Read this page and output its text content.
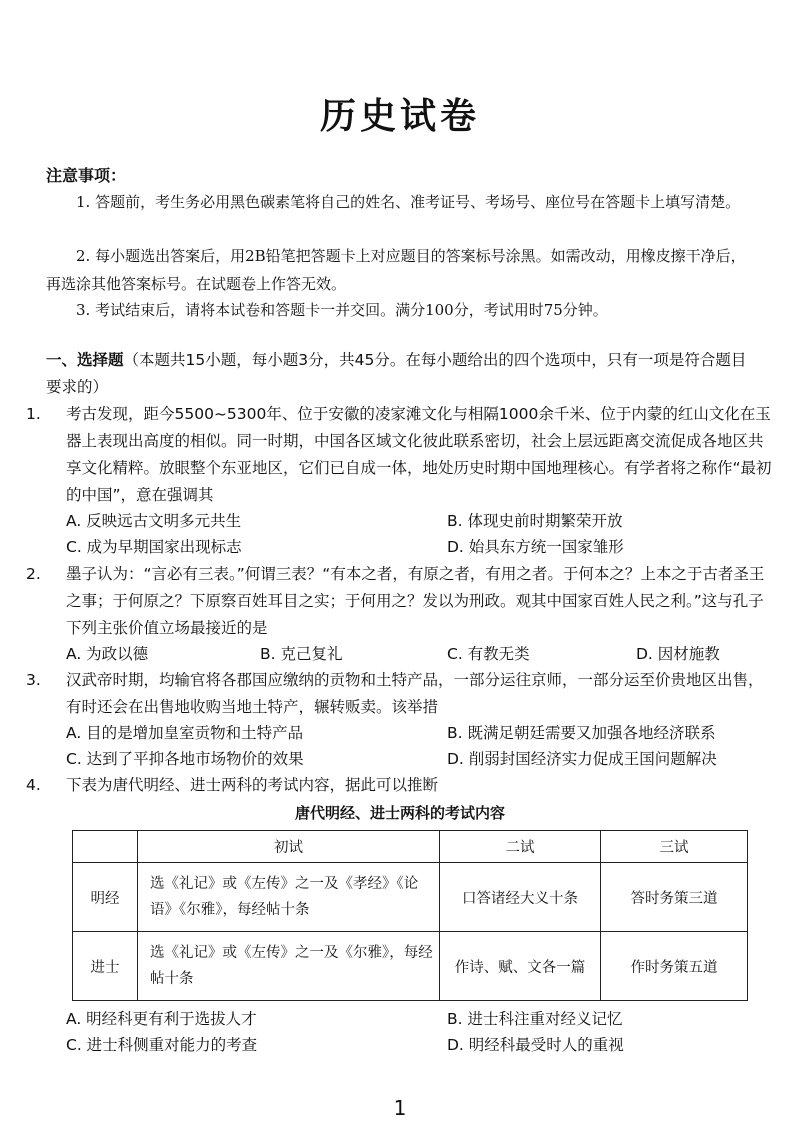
历史试卷
注意事项：
1. 答题前，考生务必用黑色碳素笔将自己的姓名、准考证号、考场号、座位号在答题卡上填写清楚。
2. 每小题选出答案后，用2B铅笔把答题卡上对应题目的答案标号涂黑。如需改动，用橡皮擦干净后，再选涂其他答案标号。在试题卷上作答无效。
3. 考试结束后，请将本试卷和答题卡一并交回。满分100分，考试用时75分钟。
一、选择题（本题共15小题，每小题3分，共45分。在每小题给出的四个选项中，只有一项是符合题目要求的）
1. 考古发现，距今5500~5300年、位于安徽的凌家滩文化与相隔1000余千米、位于内蒙的红山文化在玉器上表现出高度的相似。同一时期，中国各区域文化彼此联系密切，社会上层远距离交流促成各地区共享文化精粹。放眼整个东亚地区，它们已自成一体，地处历史时期中国地理核心。有学者将之称作“最初的中国”，意在强调其
A. 反映远古文明多元共生	B. 体现史前时期繁荣开放
C. 成为早期国家出现标志	D. 始具东方统一国家雏形
2. 墨子认为：“言必有三表。”何谓三表？“有本之者，有原之者，有用之者。于何本之？上本之于古者圣王之事；于何原之？下原察百姓耳目之实；于何用之？发以为刑政。观其中国家百姓人民之利。”这与孔子下列主张价值立场最接近的是
A. 为政以德	B. 克己复礼	C. 有教无类	D. 因材施教
3. 汉武帝时期，均输官将各郡国应缴纳的贡物和土特产品，一部分运往京师，一部分运至价贵地区出售，有时还会在出售地收购当地土特产，辗转贩卖。该举措
A. 目的是增加皇室贡物和土特产品	B. 既满足朝廷需要又加强各地经济联系
C. 达到了平抑各地市场物价的效果	D. 削弱封国经济实力促成王国问题解决
4. 下表为唐代明经、进士两科的考试内容，据此可以推断
唐代明经、进士两科的考试内容
	初试	二试	三试
明经	选《礼记》或《左传》之一及《孝经》《论语》《尔雅》，每经帖十条	口答诸经大义十条	答时务策三道
进士	选《礼记》或《左传》之一及《尔雅》，每经帖十条	作诗、赋、文各一篇	作时务策五道
A. 明经科更有利于选拔人才	B. 进士科注重对经义记忆
C. 进士科侧重对能力的考查	D. 明经科最受时人的重视
1
